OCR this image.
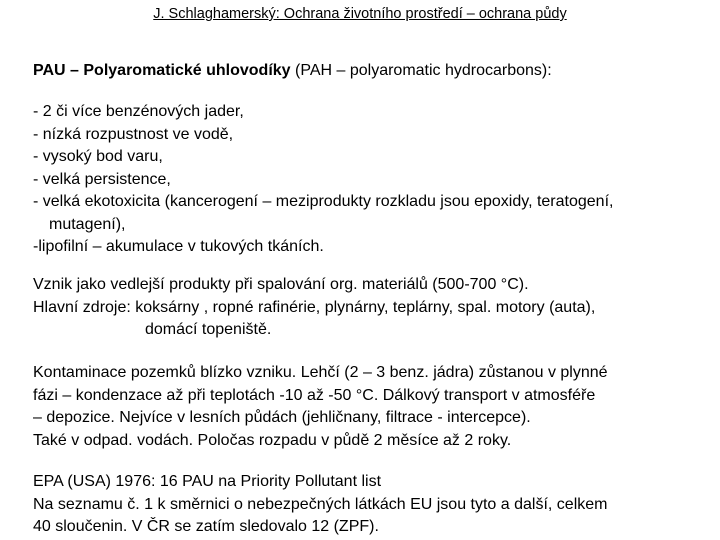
J. Schlaghamerský: Ochrana životního prostředí – ochrana půdy

PAU – Polyaromatické uhlovodíky (PAH – polyaromatic hydrocarbons):

- 2 či více benzénových jader,
- nízká rozpustnost ve vodě,
- vysoký bod varu,
- velká persistence,
- velká ekotoxicita (kancerogení – meziprodukty rozkladu jsou epoxidy, teratogení,
mutagení),
-lipofilní – akumulace v tukových tkáních.
Vznik jako vedlejší produkty při spalování org. materiálů (500-700 °C).
Hlavní zdroje: koksárny , ropné rafinérie, plynárny, teplárny, spal. motory (auta),
domácí topeniště.
Kontaminace pozemků blízko vzniku. Lehčí (2 – 3 benz. jádra) zůstanou v plynné
fázi – kondenzace až při teplotách -10 až -50 °C. Dálkový transport v atmosféře
– depozice. Nejvíce v lesních půdách (jehličnany, filtrace - intercepce).
Také v odpad. vodách. Poločas rozpadu v půdě 2 měsíce až 2 roky.
EPA (USA) 1976: 16 PAU na Priority Pollutant list
Na seznamu č. 1 k směrnici o nebezpečných látkách EU jsou tyto a další, celkem
40 sloučenin. V ČR se zatím sledovalo 12 (ZPF).
